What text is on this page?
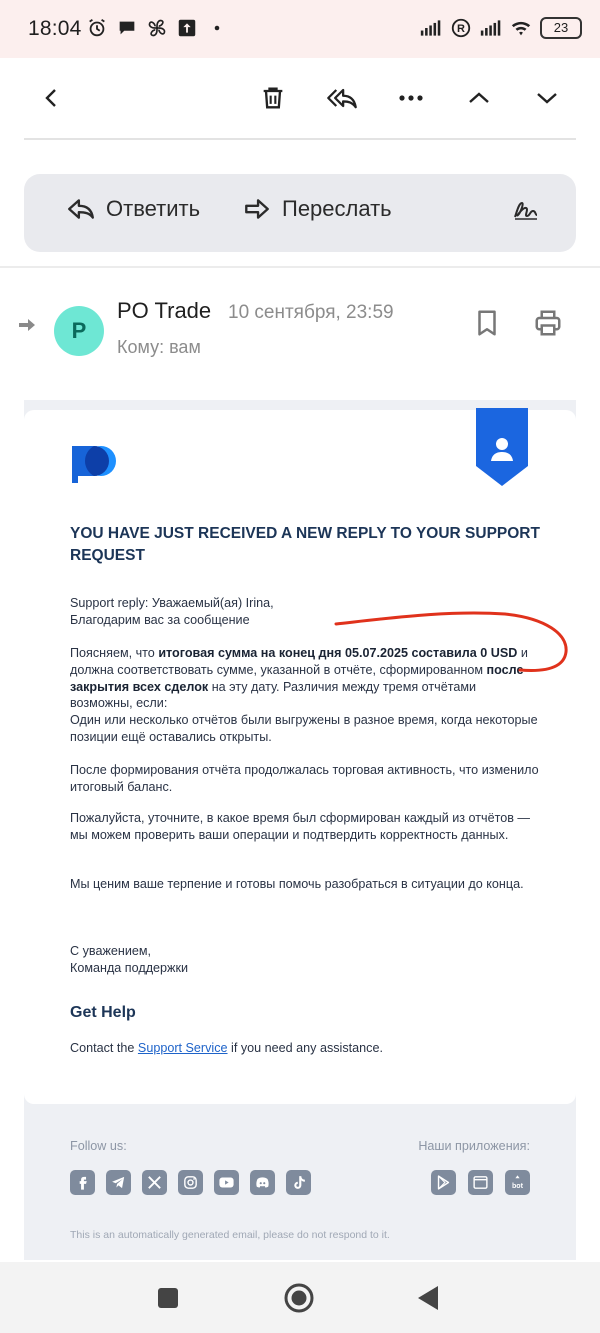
18:04	R	23
Ответить	Переслать
P
PO Trade 10 сентября, 23:59
Кому: вам
YOU HAVE JUST RECEIVED A NEW REPLY TO YOUR SUPPORT REQUEST
Support reply: Уважаемый(ая) Irina,
Благодарим вас за сообщение
Поясняем, что итоговая сумма на конец дня 05.07.2025 составила 0 USD и должна соответствовать сумме, указанной в отчёте, сформированном после закрытия всех сделок на эту дату. Различия между тремя отчётами возможны, если:
Один или несколько отчётов были выгружены в разное время, когда некоторые позиции ещё оставались открыты.
После формирования отчёта продолжалась торговая активность, что изменило итоговый баланс.
Пожалуйста, уточните, в какое время был сформирован каждый из отчётов — мы можем проверить ваши операции и подтвердить корректность данных.
Мы ценим ваше терпение и готовы помочь разобраться в ситуации до конца.
С уважением,
Команда поддержки
Get Help
Contact the Support Service if you need any assistance.
Follow us:	Наши приложения:
bot
This is an automatically generated email, please do not respond to it.
